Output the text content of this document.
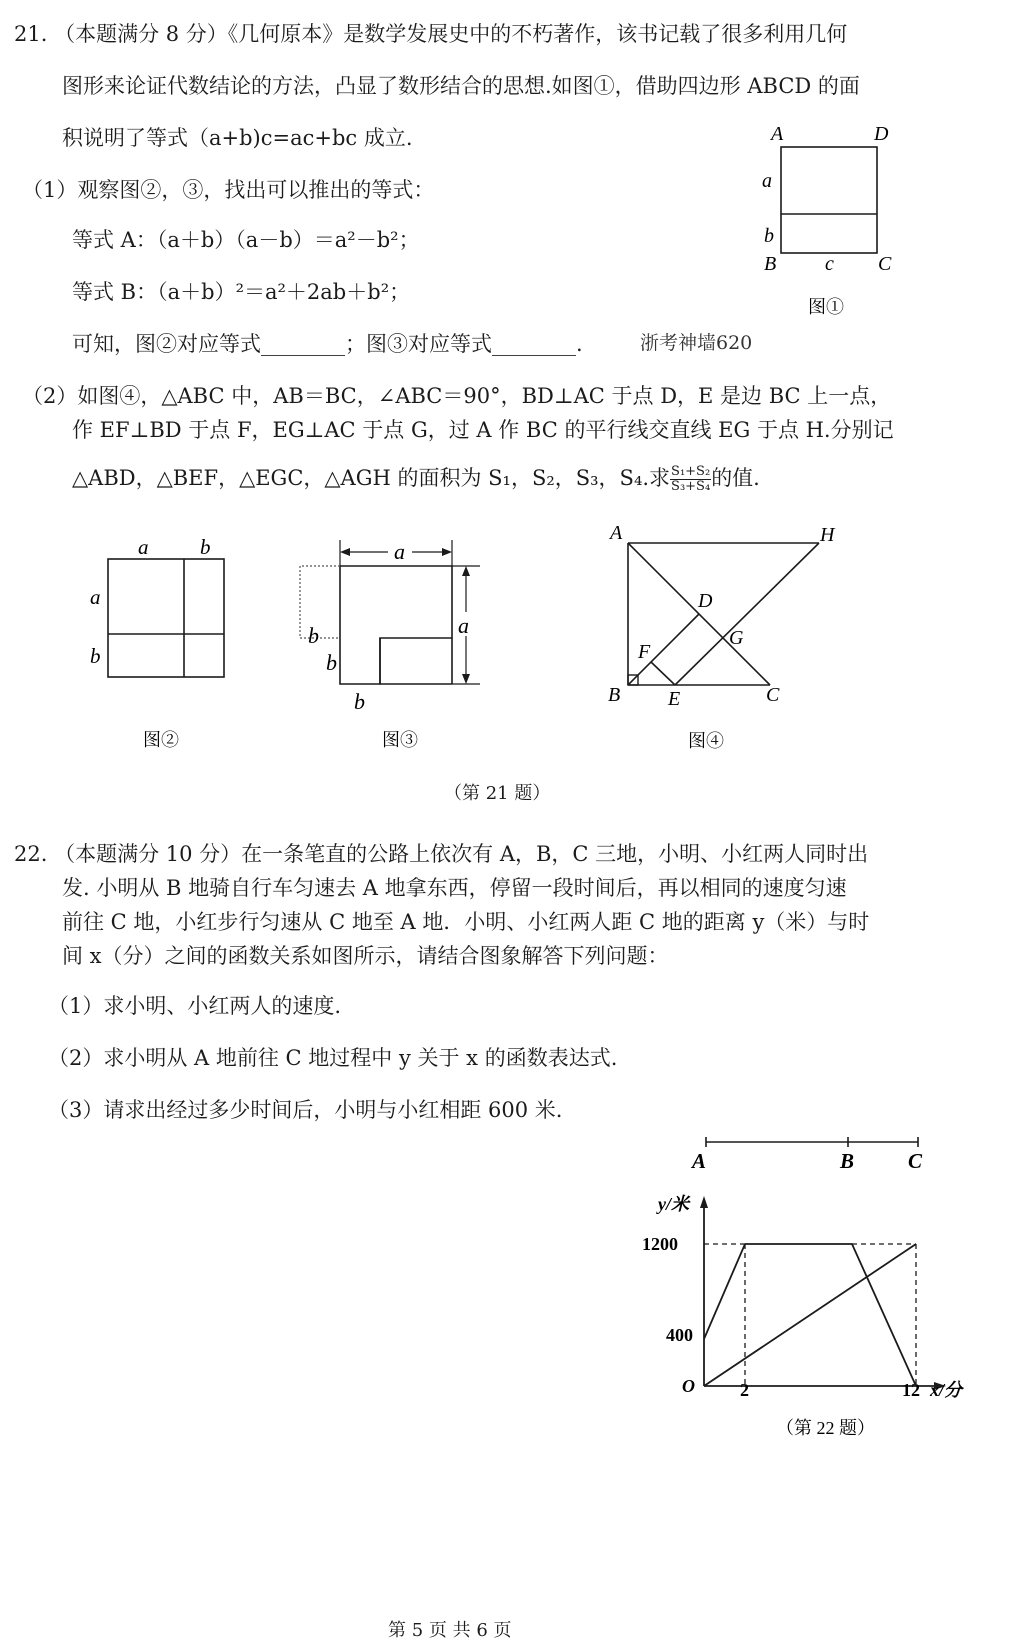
21. （本题满分 8 分）《几何原本》是数学发展史中的不朽著作，该书记载了很多利用几何
图形来论证代数结论的方法，凸显了数形结合的思想.如图①，借助四边形 ABCD 的面
积说明了等式（a+b)c=ac+bc 成立.
（1）观察图②，③，找出可以推出的等式：
等式 A：（a＋b）（a－b）＝a²－b²；
等式 B：（a＋b）²＝a²＋2ab＋b²；
可知，图②对应等式________；图③对应等式________.	浙考神墙620
（2）如图④，△ABC 中，AB＝BC，∠ABC＝90°，BD⊥AC 于点 D，E 是边 BC 上一点，
作 EF⊥BD 于点 F，EG⊥AC 于点 G，过 A 作 BC 的平行线交直线 EG 于点 H.分别记
△ABD，△BEF，△EGC，△AGH 的面积为 S₁，S₂，S₃，S₄.求 $\frac{\text{S₁+S₂}}{\text{S₃+S₄}}$ 的值.
A	D
a
b
B c C
图①
a b
a
b
图②
a
a
b
b
b
图③
A	H
D
G
F
B E	C
图④
（第 21 题）
22. （本题满分 10 分）在一条笔直的公路上依次有 A，B，C 三地，小明、小红两人同时出
发. 小明从 B 地骑自行车匀速去 A 地拿东西，停留一段时间后，再以相同的速度匀速
前往 C 地，小红步行匀速从 C 地至 A 地．小明、小红两人距 C 地的距离 y（米）与时
间 x（分）之间的函数关系如图所示，请结合图象解答下列问题：
（1）求小明、小红两人的速度.
（2）求小明从 A 地前往 C 地过程中 y 关于 x 的函数表达式.
（3）请求出经过多少时间后，小明与小红相距 600 米.
A	B	C
y/米
1200
400
O	2	12 x/分
（第 22 题）
第 5 页 共 6 页
